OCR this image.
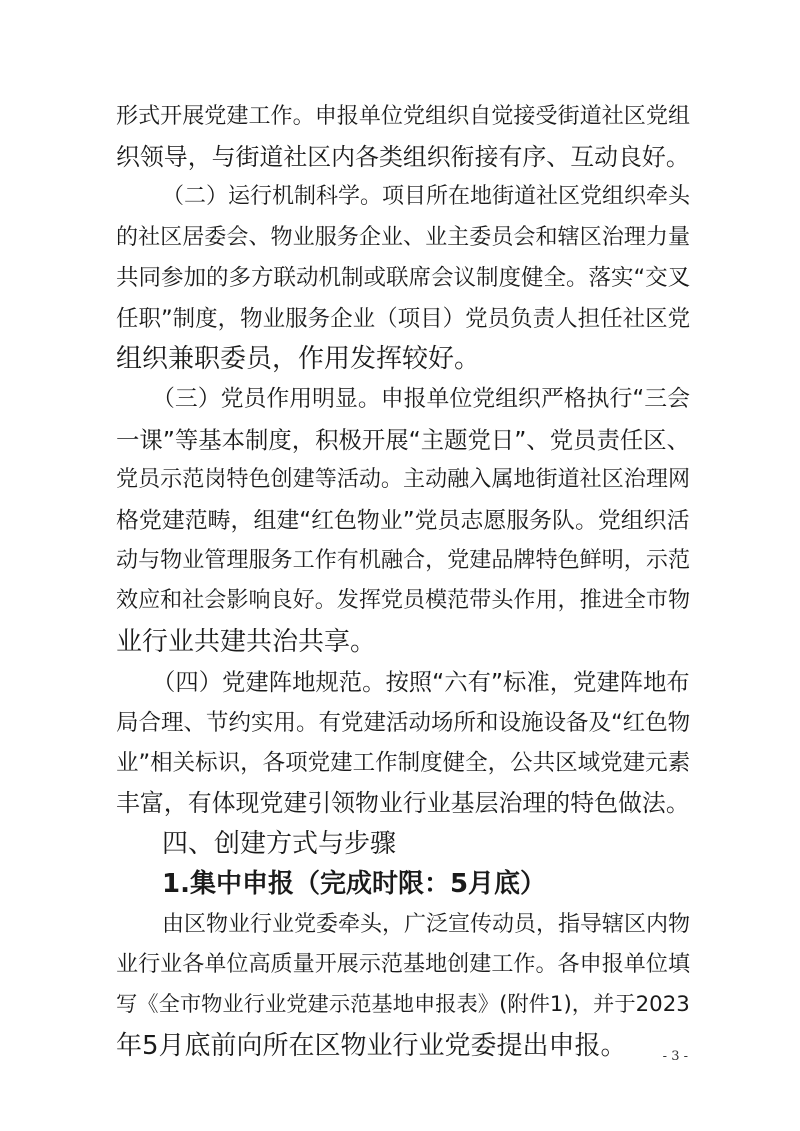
形式开展党建工作。申报单位党组织自觉接受街道社区党组
织领导，与街道社区内各类组织衔接有序、互动良好。
（二）运行机制科学。项目所在地街道社区党组织牵头
的社区居委会、物业服务企业、业主委员会和辖区治理力量
共同参加的多方联动机制或联席会议制度健全。落实“交叉
任职”制度，物业服务企业（项目）党员负责人担任社区党
组织兼职委员，作用发挥较好。
（三）党员作用明显。申报单位党组织严格执行“三会
一课”等基本制度，积极开展“主题党日”、党员责任区、
党员示范岗特色创建等活动。主动融入属地街道社区治理网
格党建范畴，组建“红色物业”党员志愿服务队。党组织活
动与物业管理服务工作有机融合，党建品牌特色鲜明，示范
效应和社会影响良好。发挥党员模范带头作用，推进全市物
业行业共建共治共享。
（四）党建阵地规范。按照“六有”标准，党建阵地布
局合理、节约实用。有党建活动场所和设施设备及“红色物
业”相关标识，各项党建工作制度健全，公共区域党建元素
丰富，有体现党建引领物业行业基层治理的特色做法。
四、创建方式与步骤
1.集中申报（完成时限：5月底）
由区物业行业党委牵头，广泛宣传动员，指导辖区内物
业行业各单位高质量开展示范基地创建工作。各申报单位填
写《全市物业行业党建示范基地申报表》(附件1)，并于2023
年5月底前向所在区物业行业党委提出申报。	- 3 -
